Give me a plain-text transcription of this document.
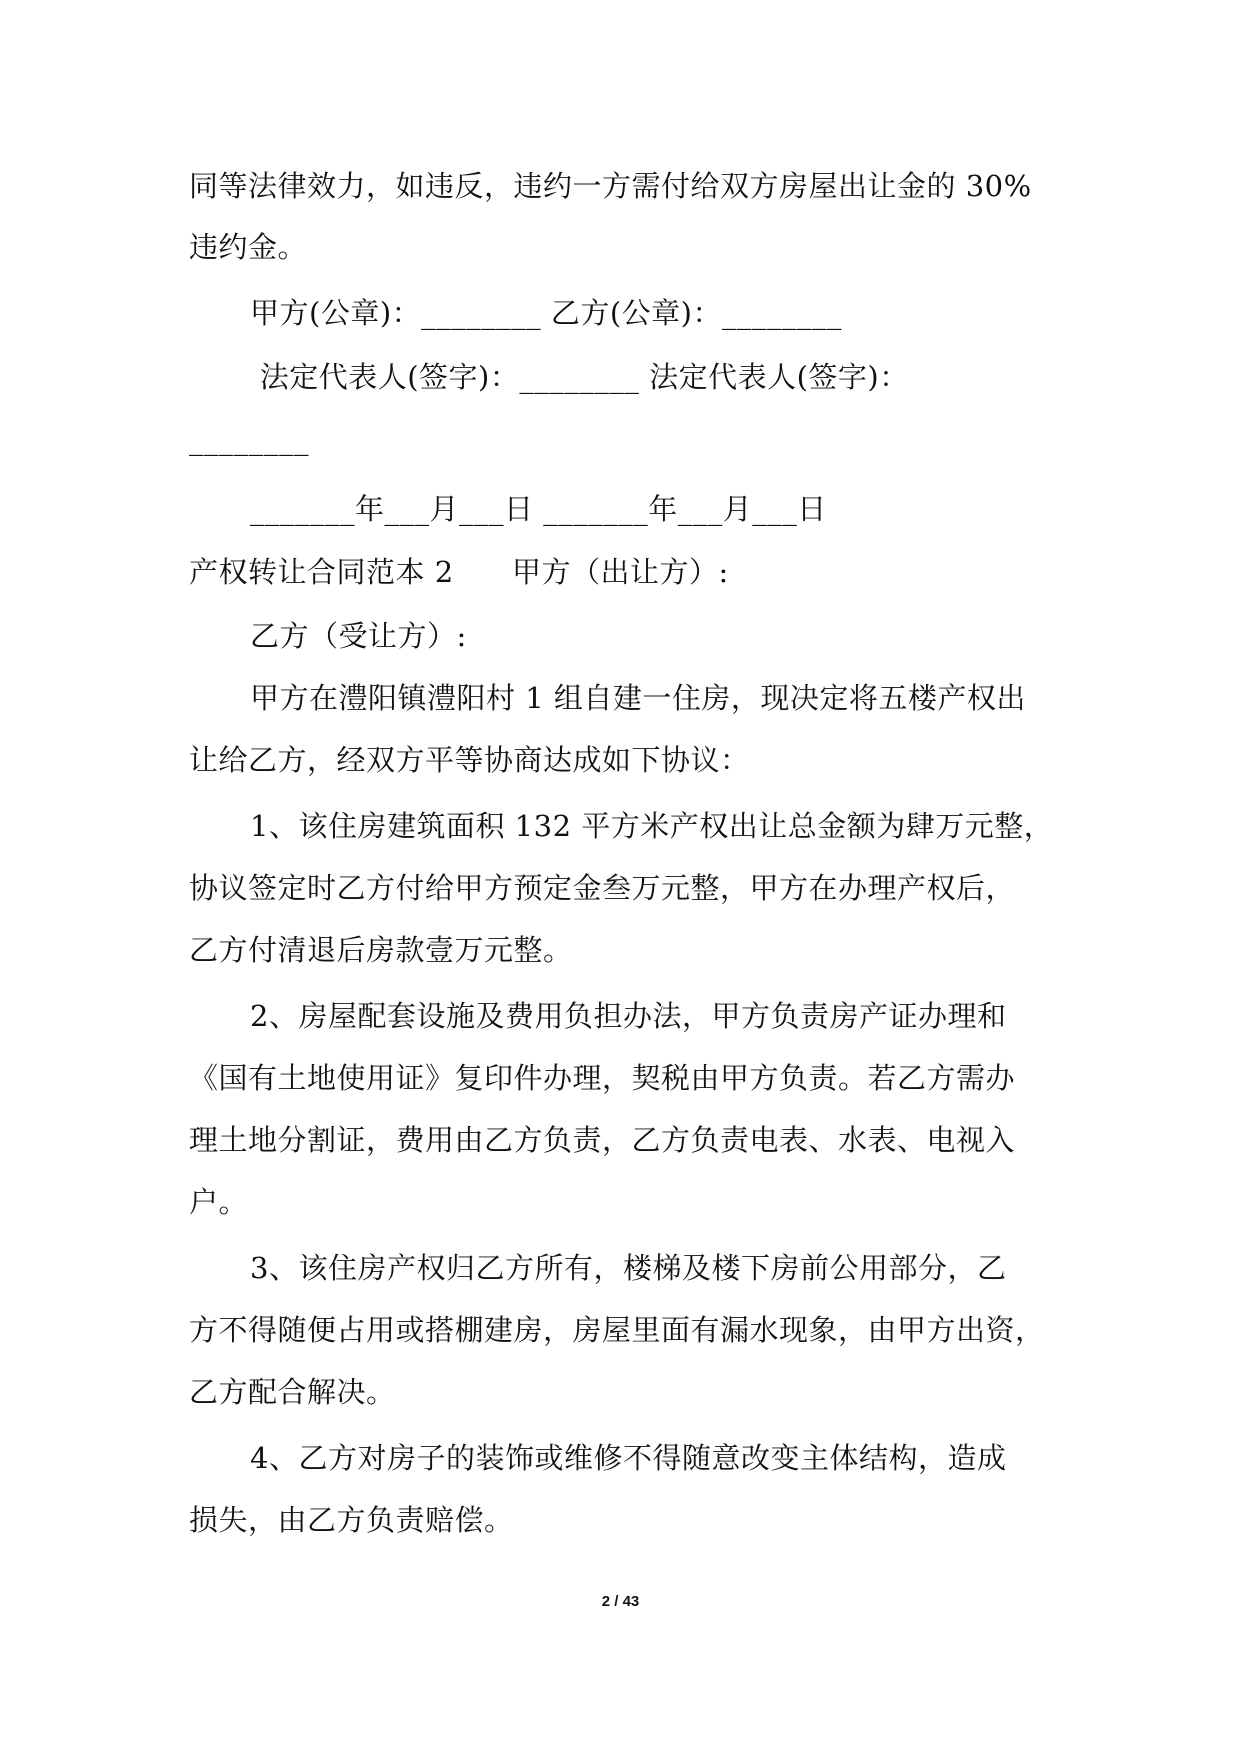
同等法律效力，如违反，违约一方需付给双方房屋出让金的 30%
违约金。
甲方(公章)：________ 乙方(公章)：________
法定代表人(签字)：________ 法定代表人(签字)：
________
_______年___月___日 _______年___月___日
产权转让合同范本 2      甲方（出让方）:
乙方（受让方）:
甲方在澧阳镇澧阳村 1 组自建一住房，现决定将五楼产权出
让给乙方，经双方平等协商达成如下协议：
1、该住房建筑面积 132 平方米产权出让总金额为肆万元整，
协议签定时乙方付给甲方预定金叁万元整，甲方在办理产权后，
乙方付清退后房款壹万元整。
2、房屋配套设施及费用负担办法，甲方负责房产证办理和
《国有土地使用证》复印件办理，契税由甲方负责。若乙方需办
理土地分割证，费用由乙方负责，乙方负责电表、水表、电视入
户。
3、该住房产权归乙方所有，楼梯及楼下房前公用部分，乙
方不得随便占用或搭棚建房，房屋里面有漏水现象，由甲方出资，
乙方配合解决。
4、乙方对房子的装饰或维修不得随意改变主体结构，造成
损失，由乙方负责赔偿。
2 / 43
